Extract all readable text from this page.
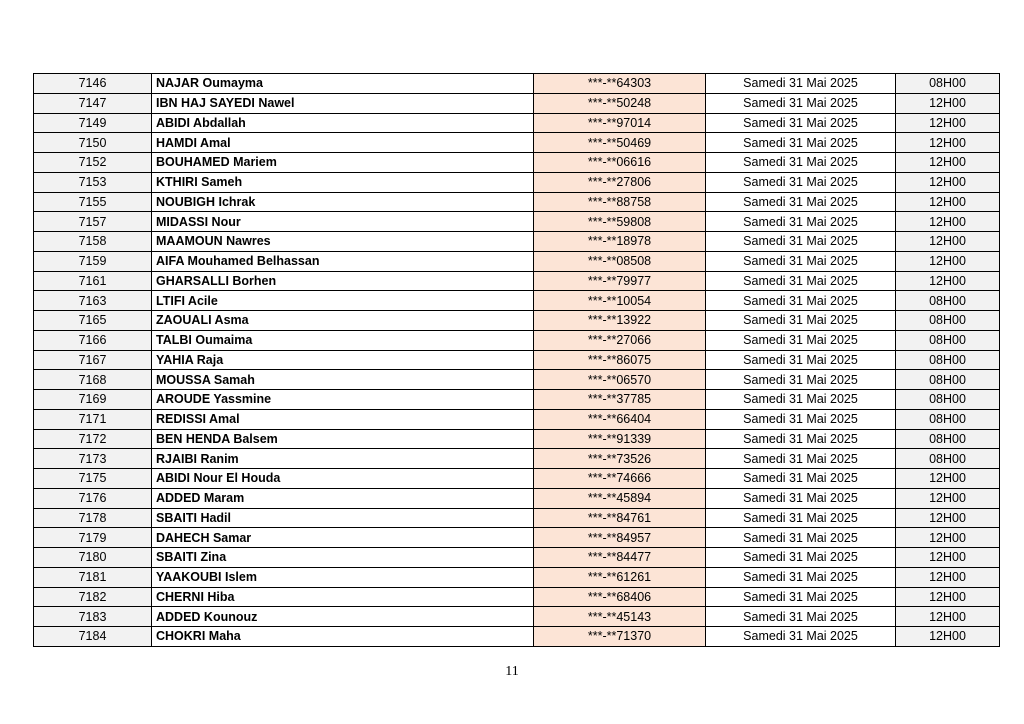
7146	NAJAR Oumayma	***-**64303	Samedi 31 Mai 2025	08H00
7147	IBN HAJ SAYEDI Nawel	***-**50248	Samedi 31 Mai 2025	12H00
7149	ABIDI Abdallah	***-**97014	Samedi 31 Mai 2025	12H00
7150	HAMDI Amal	***-**50469	Samedi 31 Mai 2025	12H00
7152	BOUHAMED Mariem	***-**06616	Samedi 31 Mai 2025	12H00
7153	KTHIRI Sameh	***-**27806	Samedi 31 Mai 2025	12H00
7155	NOUBIGH Ichrak	***-**88758	Samedi 31 Mai 2025	12H00
7157	MIDASSI Nour	***-**59808	Samedi 31 Mai 2025	12H00
7158	MAAMOUN Nawres	***-**18978	Samedi 31 Mai 2025	12H00
7159	AIFA Mouhamed Belhassan	***-**08508	Samedi 31 Mai 2025	12H00
7161	GHARSALLI Borhen	***-**79977	Samedi 31 Mai 2025	12H00
7163	LTIFI Acile	***-**10054	Samedi 31 Mai 2025	08H00
7165	ZAOUALI Asma	***-**13922	Samedi 31 Mai 2025	08H00
7166	TALBI Oumaima	***-**27066	Samedi 31 Mai 2025	08H00
7167	YAHIA Raja	***-**86075	Samedi 31 Mai 2025	08H00
7168	MOUSSA Samah	***-**06570	Samedi 31 Mai 2025	08H00
7169	AROUDE Yassmine	***-**37785	Samedi 31 Mai 2025	08H00
7171	REDISSI Amal	***-**66404	Samedi 31 Mai 2025	08H00
7172	BEN HENDA Balsem	***-**91339	Samedi 31 Mai 2025	08H00
7173	RJAIBI Ranim	***-**73526	Samedi 31 Mai 2025	08H00
7175	ABIDI Nour El Houda	***-**74666	Samedi 31 Mai 2025	12H00
7176	ADDED Maram	***-**45894	Samedi 31 Mai 2025	12H00
7178	SBAITI Hadil	***-**84761	Samedi 31 Mai 2025	12H00
7179	DAHECH Samar	***-**84957	Samedi 31 Mai 2025	12H00
7180	SBAITI Zina	***-**84477	Samedi 31 Mai 2025	12H00
7181	YAAKOUBI Islem	***-**61261	Samedi 31 Mai 2025	12H00
7182	CHERNI Hiba	***-**68406	Samedi 31 Mai 2025	12H00
7183	ADDED Kounouz	***-**45143	Samedi 31 Mai 2025	12H00
7184	CHOKRI Maha	***-**71370	Samedi 31 Mai 2025	12H00
11
